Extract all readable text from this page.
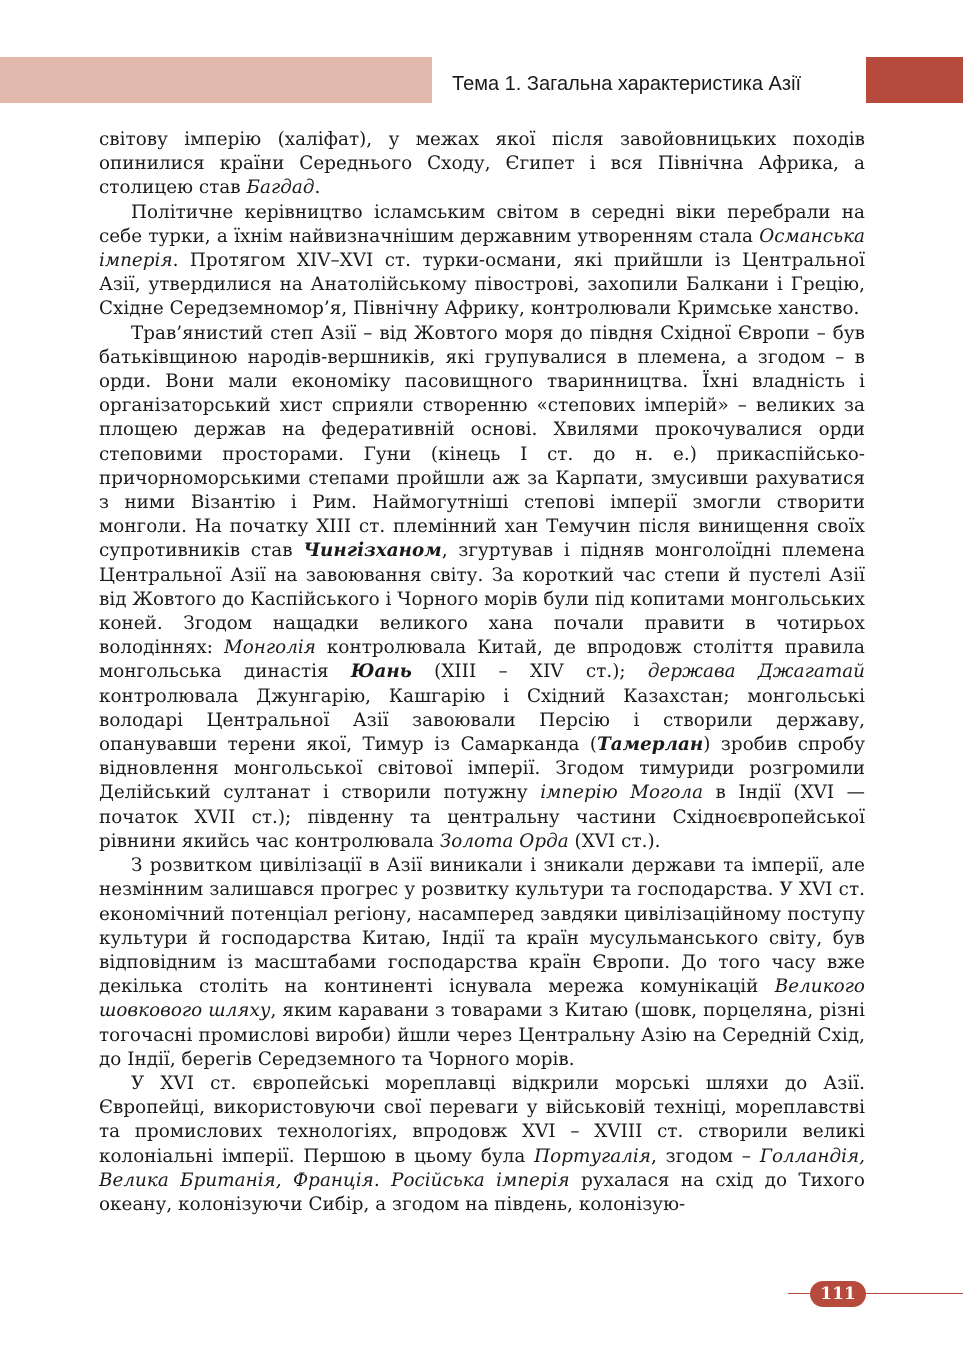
Тема 1. Загальна характеристика Азії

світову імперію (халіфат), у межах якої після завойовницьких походів опинилися країни Середнього Сходу, Єгипет і вся Північна Африка, а столицею став Багдад.

Політичне керівництво ісламським світом в середні віки перебрали на себе турки, а їхнім найвизначнішим державним утворенням стала Османська імперія. Протягом XIV–XVI ст. турки-османи, які прийшли із Центральної Азії, утвердилися на Анатолійському півострові, захопили Балкани і Грецію, Східне Середземномор’я, Північну Африку, контролювали Кримське ханство.

Трав’янистий степ Азії – від Жовтого моря до півдня Східної Європи – був батьківщиною народів-вершників, які групувалися в племена, а згодом – в орди. Вони мали економіку пасовищного тваринництва. Їхні владність і організаторський хист сприяли створенню «степових імперій» – великих за площею держав на федеративній основі. Хвилями прокочувалися орди степовими просторами. Гуни (кінець I ст. до н. е.) прикаспійсько-причорноморськими степами пройшли аж за Карпати, змусивши рахуватися з ними Візантію і Рим. Наймогутніші степові імперії змогли створити монголи. На початку XIII ст. племінний хан Темучин після винищення своїх супротивників став Чингізханом, згуртував і підняв монголоїдні племена Центральної Азії на завоювання світу. За короткий час степи й пустелі Азії від Жовтого до Каспійського і Чорного морів були під копитами монгольських коней. Згодом нащадки великого хана почали правити в чотирьох володіннях: Монголія контролювала Китай, де впродовж століття правила монгольська династія Юань (XIII – XIV ст.); держава Джагатай контролювала Джунгарію, Кашгарію і Східний Казахстан; монгольські володарі Центральної Азії завоювали Персію і створили державу, опанувавши терени якої, Тимур із Самарканда (Тамерлан) зробив спробу відновлення монгольської світової імперії. Згодом тимуриди розгромили Делійський султанат і створили потужну імперію Могола в Індії (XVI — початок XVII ст.); південну та центральну частини Східноєвропейської рівнини якийсь час контролювала Золота Орда (XVI ст.).

З розвитком цивілізації в Азії виникали і зникали держави та імперії, але незмінним залишався прогрес у розвитку культури та господарства. У XVI ст. економічний потенціал регіону, насамперед завдяки цивілізаційному поступу культури й господарства Китаю, Індії та країн мусульманського світу, був відповідним із масштабами господарства країн Європи. До того часу вже декілька століть на континенті існувала мережа комунікацій Великого шовкового шляху, яким каравани з товарами з Китаю (шовк, порцеляна, різні тогочасні промислові вироби) йшли через Центральну Азію на Середній Схід, до Індії, берегів Середземного та Чорного морів.

У XVI ст. європейські мореплавці відкрили морські шляхи до Азії. Європейці, використовуючи свої переваги у військовій техніці, мореплавстві та промислових технологіях, впродовж XVI – XVIII ст. створили великі колоніальні імперії. Першою в цьому була Португалія, згодом – Голландія, Велика Британія, Франція. Російська імперія рухалася на схід до Тихого океану, колонізуючи Сибір, а згодом на південь, колонізую-

111
